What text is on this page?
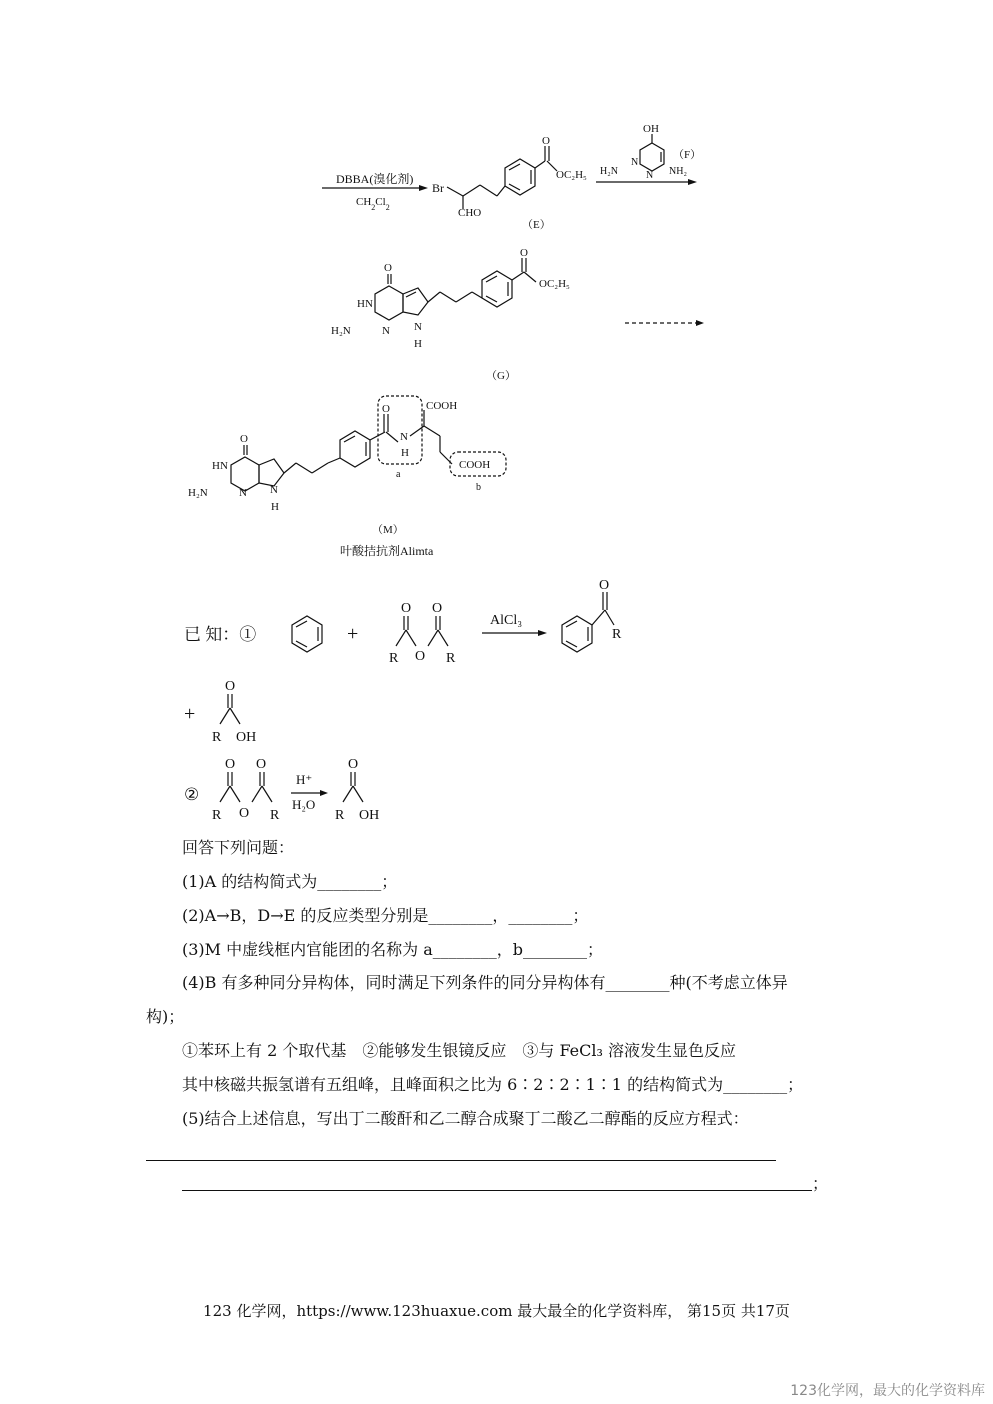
DBBA(溴化剂)
$CH_2Cl_2$
Br
O
OC₂H₅
CHO
（E）
OH
N
N
H₂N	NH₂
（F）
O
HN
H₂N	N N
H
O
OC₂H₅
（G）
O
HN
H₂N	N N
H
O
N
H
a
COOH
COOH
b
（M）
叶酸拮抗剂Alimta
已 知：①	+
O O
R O R
AlCl₃
O
R
+
O
R OH
②
O O
R O R
H⁺
H₂O
O
R OH
回答下列问题：
(1)A 的结构简式为________；
(2)A→B，D→E 的反应类型分别是________，________；
(3)M 中虚线框内官能团的名称为 a________，b________；
(4)B 有多种同分异构体，同时满足下列条件的同分异构体有________种(不考虑立体异
构)；
①苯环上有 2 个取代基　②能够发生银镜反应　③与 FeCl₃ 溶液发生显色反应
其中核磁共振氢谱有五组峰，且峰面积之比为 6∶2∶2∶1∶1 的结构简式为________；
(5)结合上述信息，写出丁二酸酐和乙二醇合成聚丁二酸乙二醇酯的反应方程式：
；
123 化学网，https://www.123huaxue.com 最大最全的化学资料库， 第15页 共17页
123化学网，最大的化学资料库
